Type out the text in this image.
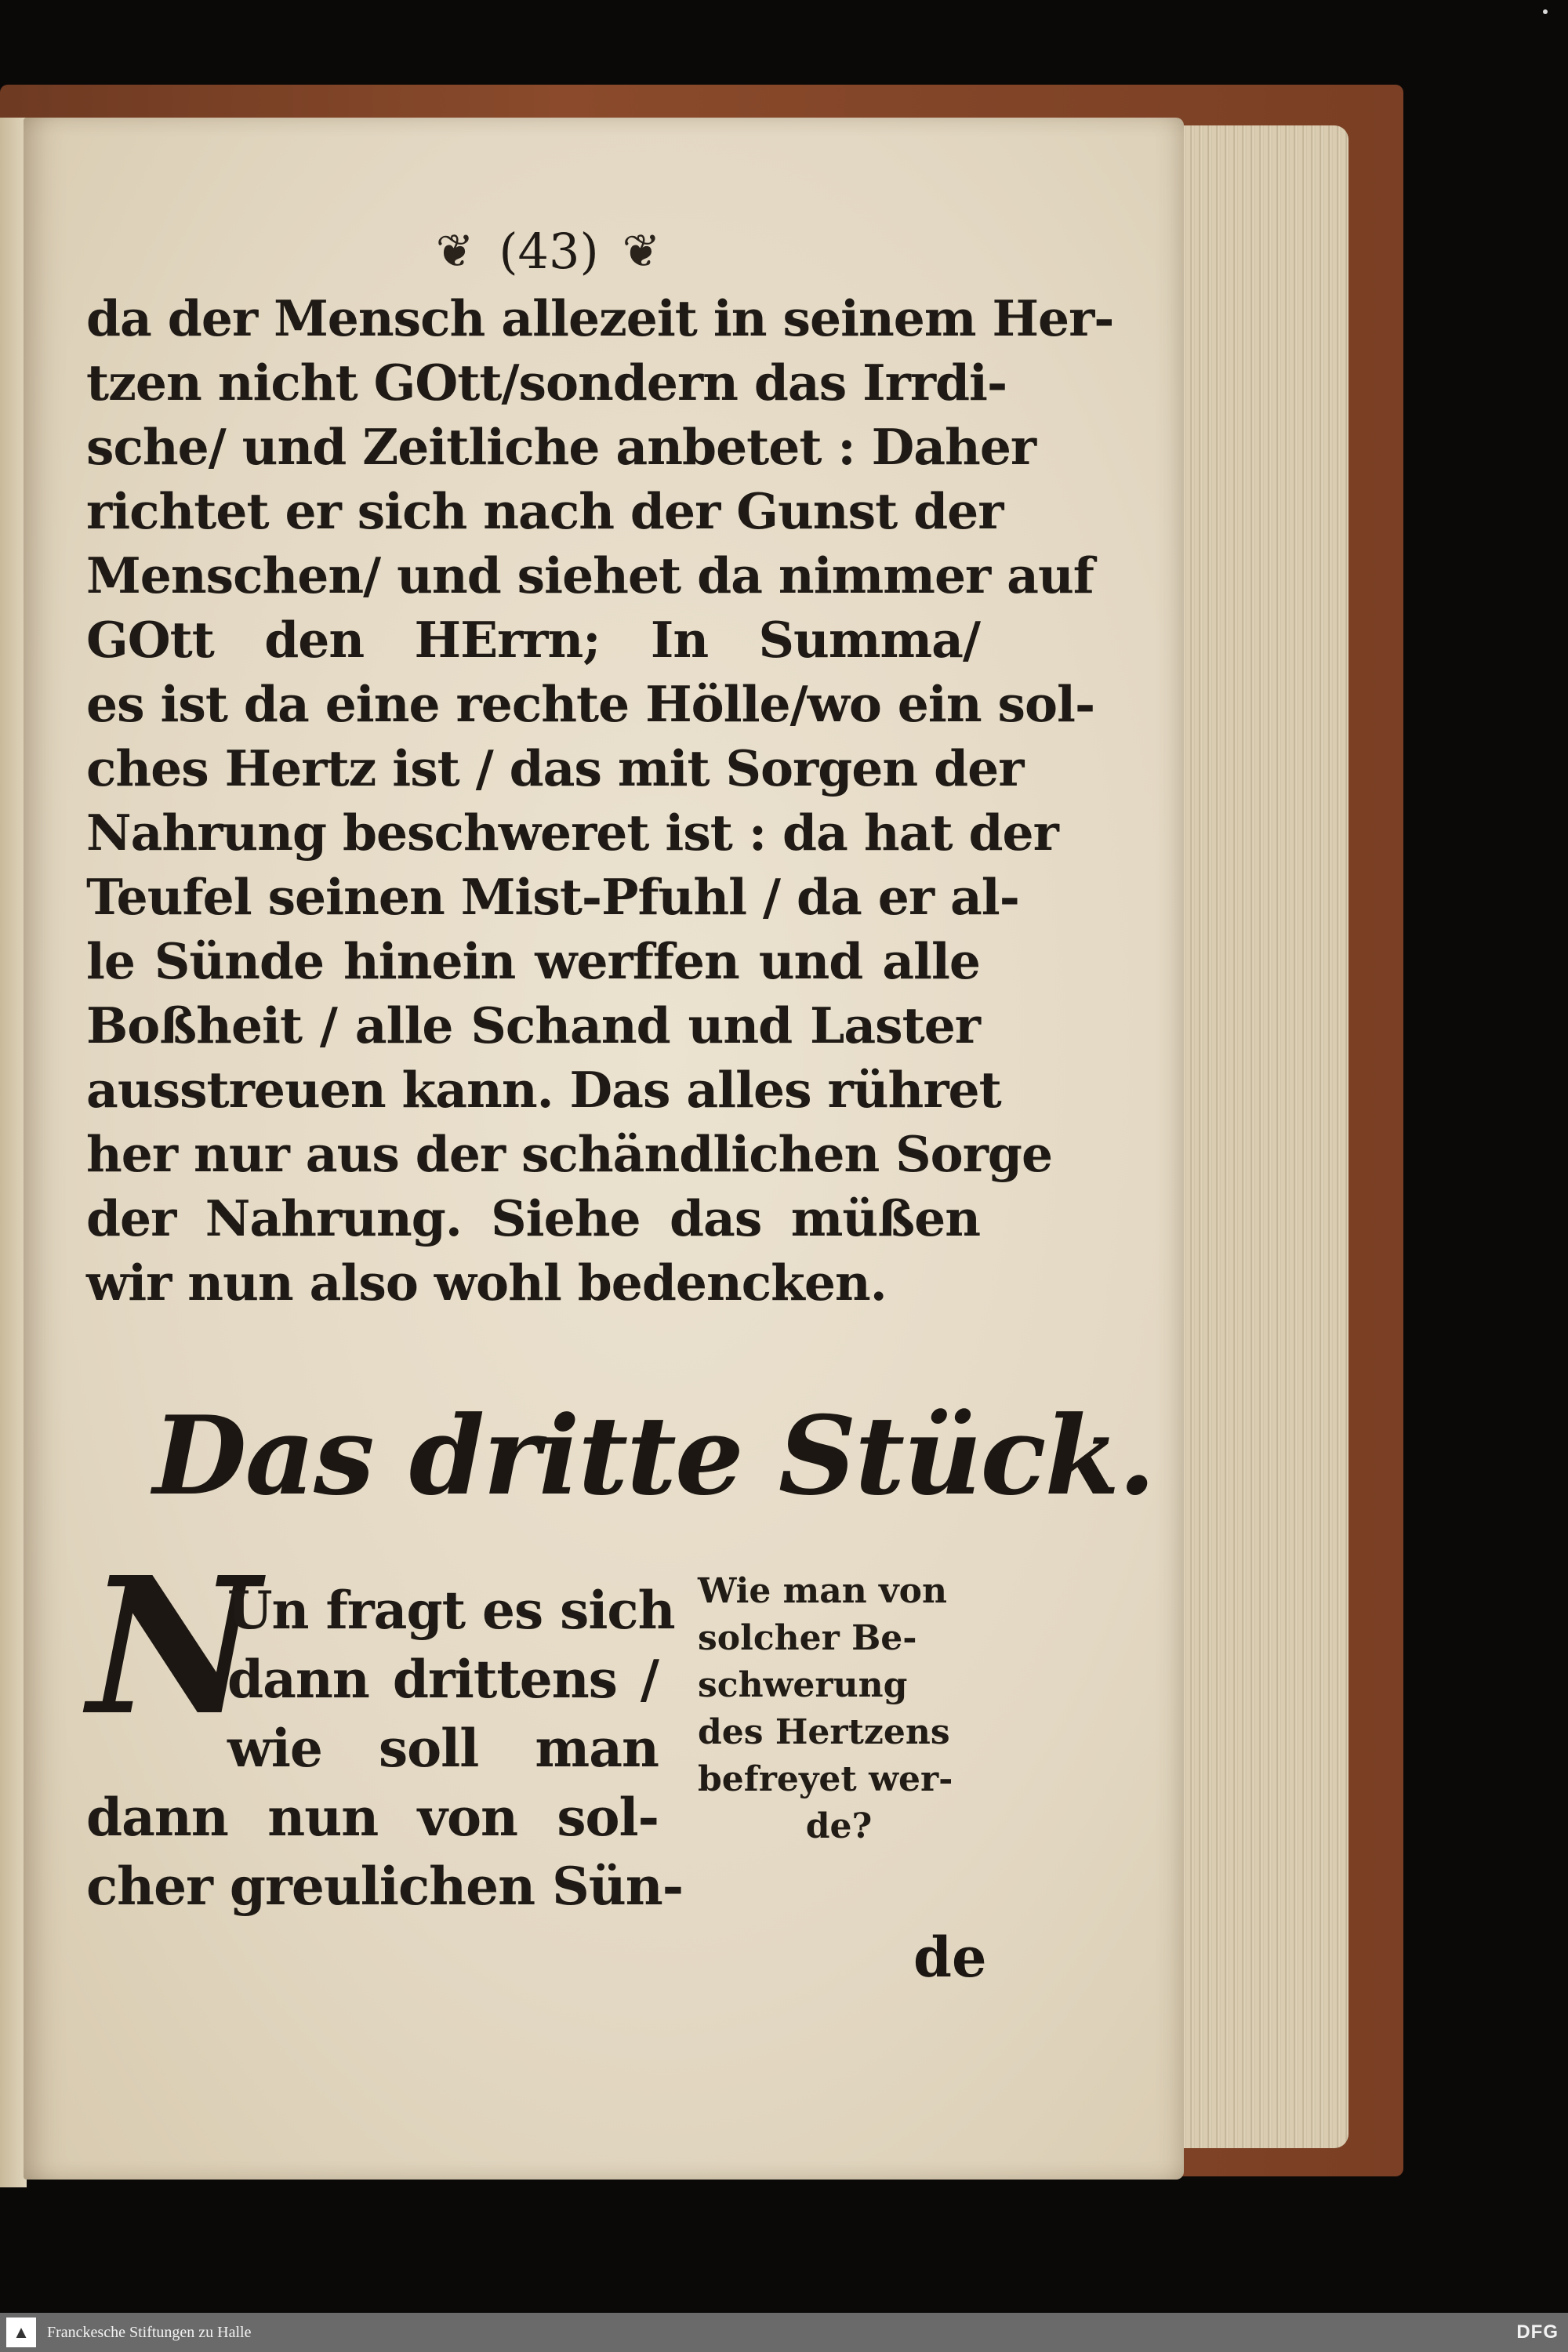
❦ (43) ❦
da der Mensch allezeit in seinem Her-
tzen nicht GOtt/sondern das Irrdi-
sche/ und Zeitliche anbetet : Daher
richtet er sich nach der Gunst der
Menschen/ und siehet da nimmer auf
GOtt den HErrn; In Summa/
es ist da eine rechte Hölle/wo ein sol-
ches Hertz ist / das mit Sorgen der
Nahrung beschweret ist : da hat der
Teufel seinen Mist-Pfuhl / da er al-
le Sünde hinein werffen und alle
Boßheit / alle Schand und Laster
ausstreuen kann. Das alles rühret
her nur aus der schändlichen Sorge
der Nahrung. Siehe das müßen
wir nun also wohl bedencken.
Das dritte Stück.
N
Un fragt es sich
dann drittens /
wie soll man
dann nun von sol-
cher greulichen Sün-
Wie man von
solcher Be-
schwerung
des Hertzens
befreyet wer-
de?
de
▲	Franckesche Stiftungen zu Halle	DFG
